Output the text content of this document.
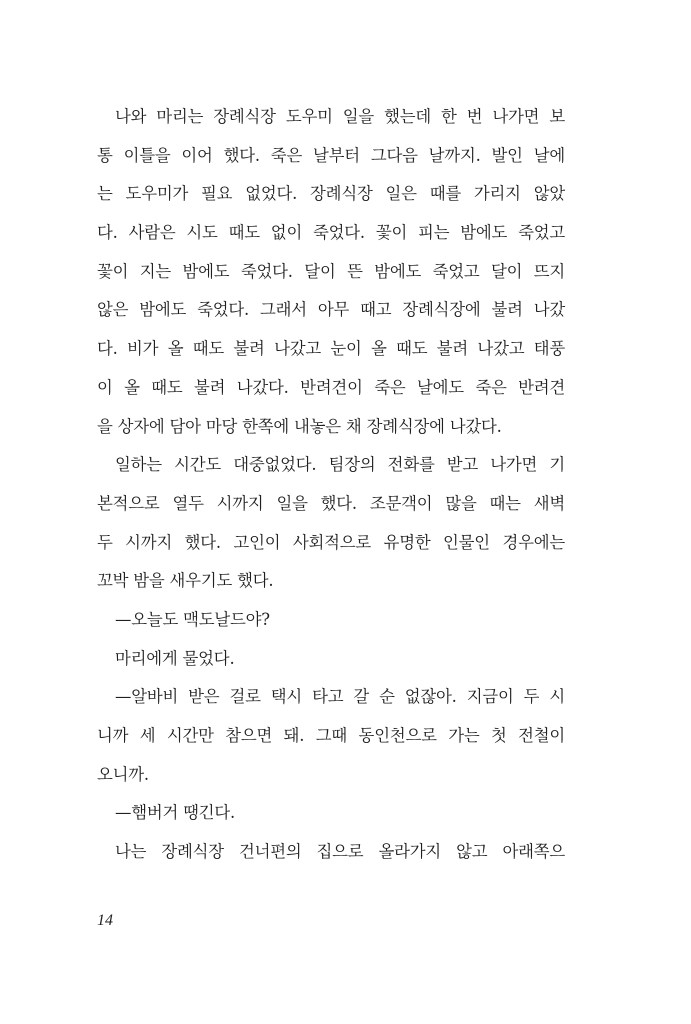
나와 마리는 장례식장 도우미 일을 했는데 한 번 나가면 보
통 이틀을 이어 했다. 죽은 날부터 그다음 날까지. 발인 날에
는 도우미가 필요 없었다. 장례식장 일은 때를 가리지 않았
다. 사람은 시도 때도 없이 죽었다. 꽃이 피는 밤에도 죽었고
꽃이 지는 밤에도 죽었다. 달이 뜬 밤에도 죽었고 달이 뜨지
않은 밤에도 죽었다. 그래서 아무 때고 장례식장에 불려 나갔
다. 비가 올 때도 불려 나갔고 눈이 올 때도 불려 나갔고 태풍
이 올 때도 불려 나갔다. 반려견이 죽은 날에도 죽은 반려견
을 상자에 담아 마당 한쪽에 내놓은 채 장례식장에 나갔다.
일하는 시간도 대중없었다. 팀장의 전화를 받고 나가면 기
본적으로 열두 시까지 일을 했다. 조문객이 많을 때는 새벽
두 시까지 했다. 고인이 사회적으로 유명한 인물인 경우에는
꼬박 밤을 새우기도 했다.
—오늘도 맥도날드야?
마리에게 물었다.
—알바비 받은 걸로 택시 타고 갈 순 없잖아. 지금이 두 시
니까 세 시간만 참으면 돼. 그때 동인천으로 가는 첫 전철이
오니까.
—햄버거 땡긴다.
나는 장례식장 건너편의 집으로 올라가지 않고 아래쪽으
14
